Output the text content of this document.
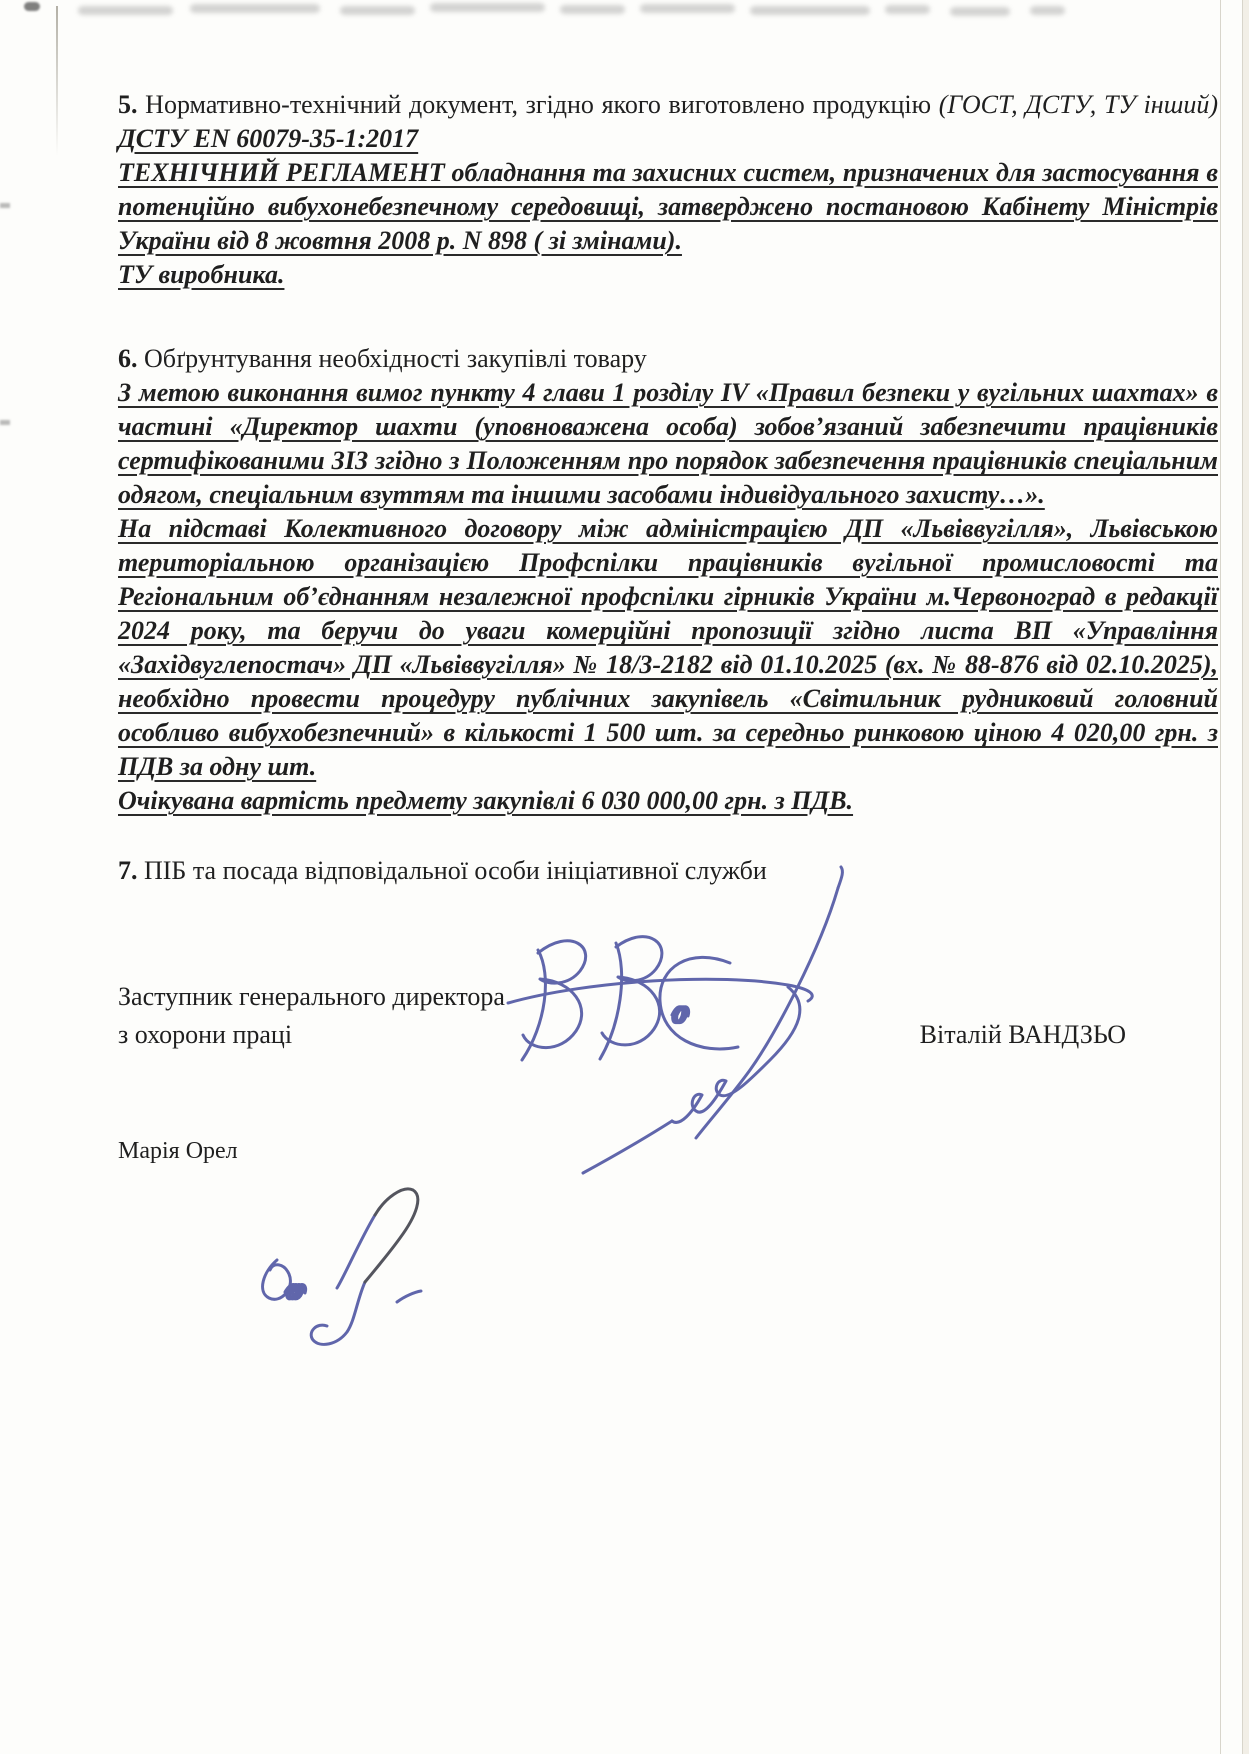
5. Нормативно-технічний документ, згідно якого виготовлено продукцію (ГОСТ, ДСТУ, ТУ інший) ДСТУ EN 60079-35-1:2017

ТЕХНІЧНИЙ РЕГЛАМЕНТ обладнання та захисних систем, призначених для застосування в потенційно вибухонебезпечному середовищі, затверджено постановою Кабінету Міністрів України від 8 жовтня 2008 р. N 898 ( зі змінами).

ТУ виробника.

6. Обґрунтування необхідності закупівлі товару

З метою виконання вимог пункту 4 глави 1 розділу IV «Правил безпеки у вугільних шахтах» в частині «Директор шахти (уповноважена особа) зобов’язаний забезпечити працівників сертифікованими ЗІЗ згідно з Положенням про порядок забезпечення працівників спеціальним одягом, спеціальним взуттям та іншими засобами індивідуального захисту…».

На підставі Колективного договору між адміністрацією ДП «Львіввугілля», Львівською територіальною організацією Профспілки працівників вугільної промисловості та Регіональним об’єднанням незалежної профспілки гірників України м.Червоноград в редакції 2024 року, та беручи до уваги комерційні пропозиції згідно листа ВП «Управління «Західвуглепостач» ДП «Львіввугілля» № 18/3-2182 від 01.10.2025 (вх. № 88-876 від 02.10.2025), необхідно провести процедуру публічних закупівель «Світильник рудниковий головний особливо вибухобезпечний» в кількості 1 500 шт. за середньо ринковою ціною 4 020,00 грн. з ПДВ за одну шт.

Очікувана вартість предмету закупівлі 6 030 000,00 грн. з ПДВ.

7. ПІБ та посада відповідальної особи ініціативної служби

Заступник генерального директора
з охорони праці	Віталій ВАНДЗЬО
Марія Орел
